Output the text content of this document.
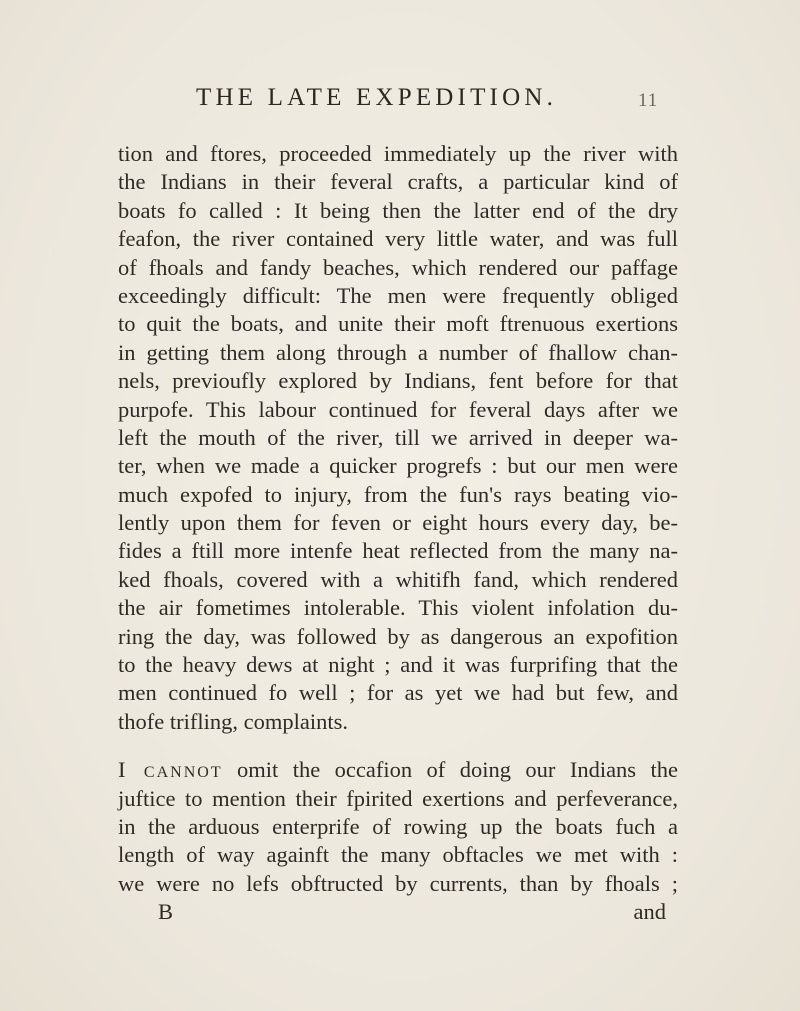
THE LATE EXPEDITION.	11
tion and ftores, proceeded immediately up the river with
the Indians in their feveral crafts, a particular kind of
boats fo called : It being then the latter end of the dry
feafon, the river contained very little water, and was full
of fhoals and fandy beaches, which rendered our paffage
exceedingly difficult: The men were frequently obliged
to quit the boats, and unite their moft ftrenuous exertions
in getting them along through a number of fhallow chan-
nels, previoufly explored by Indians, fent before for that
purpofe. This labour continued for feveral days after we
left the mouth of the river, till we arrived in deeper wa-
ter, when we made a quicker progrefs : but our men were
much expofed to injury, from the fun's rays beating vio-
lently upon them for feven or eight hours every day, be-
fides a ftill more intenfe heat reflected from the many na-
ked fhoals, covered with a whitifh fand, which rendered
the air fometimes intolerable. This violent infolation du-
ring the day, was followed by as dangerous an expofition
to the heavy dews at night ; and it was furprifing that the
men continued fo well ; for as yet we had but few, and
thofe trifling, complaints.
I cannot omit the occafion of doing our Indians the
juftice to mention their fpirited exertions and perfeverance,
in the arduous enterprife of rowing up the boats fuch a
length of way againft the many obftacles we met with :
we were no lefs obftructed by currents, than by fhoals ;
B	and
